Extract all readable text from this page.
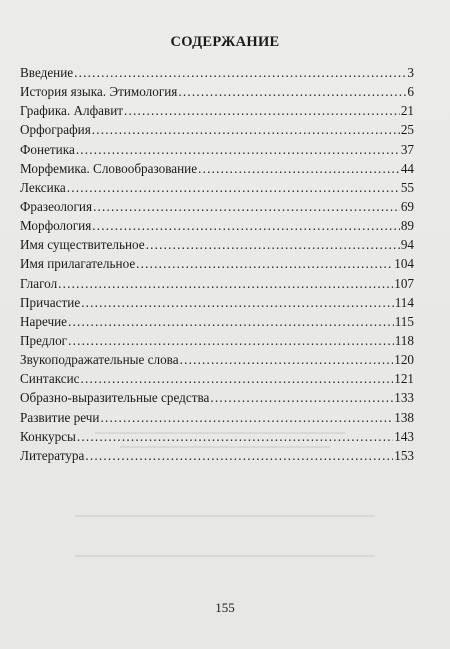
СОДЕРЖАНИЕ
Введение .....	3
История языка. Этимология .....	6
Графика. Алфавит .....	21
Орфография .....	25
Фонетика .....	37
Морфемика. Словообразование .....	44
Лексика .....	55
Фразеология .....	69
Морфология .....	89
Имя существительное .....	94
Имя прилагательное .....	104
Глагол .....	107
Причастие .....	114
Наречие .....	115
Предлог .....	118
Звукоподражательные слова .....	120
Синтаксис .....	121
Образно-выразительные средства .....	133
Развитие речи .....	138
Конкурсы .....	143
Литература .....	153
155
